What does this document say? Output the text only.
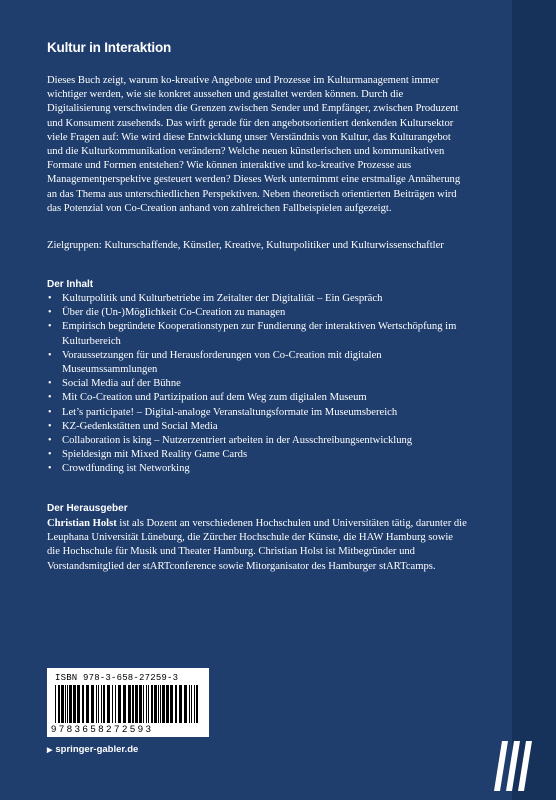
Kultur in Interaktion
Dieses Buch zeigt, warum ko-kreative Angebote und Prozesse im Kulturmanagement immer wichtiger werden, wie sie konkret aussehen und gestaltet werden können. Durch die Digitalisierung verschwinden die Grenzen zwischen Sender und Empfänger, zwischen Produzent und Konsument zusehends. Das wirft gerade für den angebotsorientiert denkenden Kultursektor viele Fragen auf: Wie wird diese Entwicklung unser Verständnis von Kultur, das Kulturangebot und die Kulturkommunikation verändern? Welche neuen künstlerischen und kommunikativen Formate und Formen entstehen? Wie können interaktive und ko-kreative Prozesse aus Managementperspektive gesteuert werden? Dieses Werk unternimmt eine erstmalige Annäherung an das Thema aus unterschiedlichen Perspektiven. Neben theoretisch orientierten Beiträgen wird das Potenzial von Co-Creation anhand von zahlreichen Fallbeispielen aufgezeigt.
Zielgruppen: Kulturschaffende, Künstler, Kreative, Kulturpolitiker und Kulturwissenschaftler
Der Inhalt
• Kulturpolitik und Kulturbetriebe im Zeitalter der Digitalität – Ein Gespräch
• Über die (Un-)Möglichkeit Co-Creation zu managen
• Empirisch begründete Kooperationstypen zur Fundierung der interaktiven Wertschöpfung im Kulturbereich
• Voraussetzungen für und Herausforderungen von Co-Creation mit digitalen Museumssammlungen
• Social Media auf der Bühne
• Mit Co-Creation und Partizipation auf dem Weg zum digitalen Museum
• Let’s participate! – Digital-analoge Veranstaltungsformate im Museumsbereich
• KZ-Gedenkstätten und Social Media
• Collaboration is king – Nutzerzentriert arbeiten in der Ausschreibungsentwicklung
• Spieldesign mit Mixed Reality Game Cards
• Crowdfunding ist Networking
Der Herausgeber
Christian Holst ist als Dozent an verschiedenen Hochschulen und Universitäten tätig, darunter die Leuphana Universität Lüneburg, die Zürcher Hochschule der Künste, die HAW Hamburg sowie die Hochschule für Musik und Theater Hamburg. Christian Holst ist Mitbegründer und Vorstandsmitglied der stARTconference sowie Mitorganisator des Hamburger stARTcamps.
ISBN 978-3-658-27259-3
9783658272593
▶ springer-gabler.de
